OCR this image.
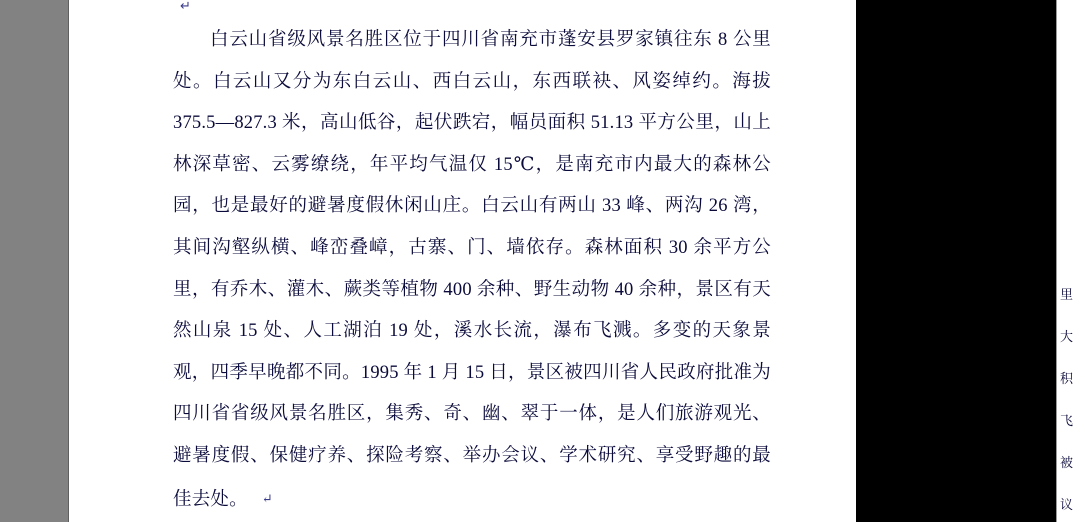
↵

白云山省级风景名胜区位于四川省南充市蓬安县罗家镇往东 8 公里处。白云山又分为东白云山、西白云山，东西联袂、风姿绰约。海拔 375.5—827.3 米，高山低谷，起伏跌宕，幅员面积 51.13 平方公里，山上林深草密、云雾缭绕，年平均气温仅 15℃，是南充市内最大的森林公园，也是最好的避暑度假休闲山庄。白云山有两山 33 峰、两沟 26 湾，其间沟壑纵横、峰峦叠嶂，古寨、门、墙依存。森林面积 30 余平方公里，有乔木、灌木、蕨类等植物 400 余种、野生动物 40 余种，景区有天然山泉 15 处、人工湖泊 19 处，溪水长流，瀑布飞溅。多变的天象景观，四季早晚都不同。1995 年 1 月 15 日，景区被四川省人民政府批准为四川省省级风景名胜区，集秀、奇、幽、翠于一体，是人们旅游观光、避暑度假、保健疗养、探险考察、举办会议、学术研究、享受野趣的最佳去处。 ↵

里
大
积
飞
被
议
